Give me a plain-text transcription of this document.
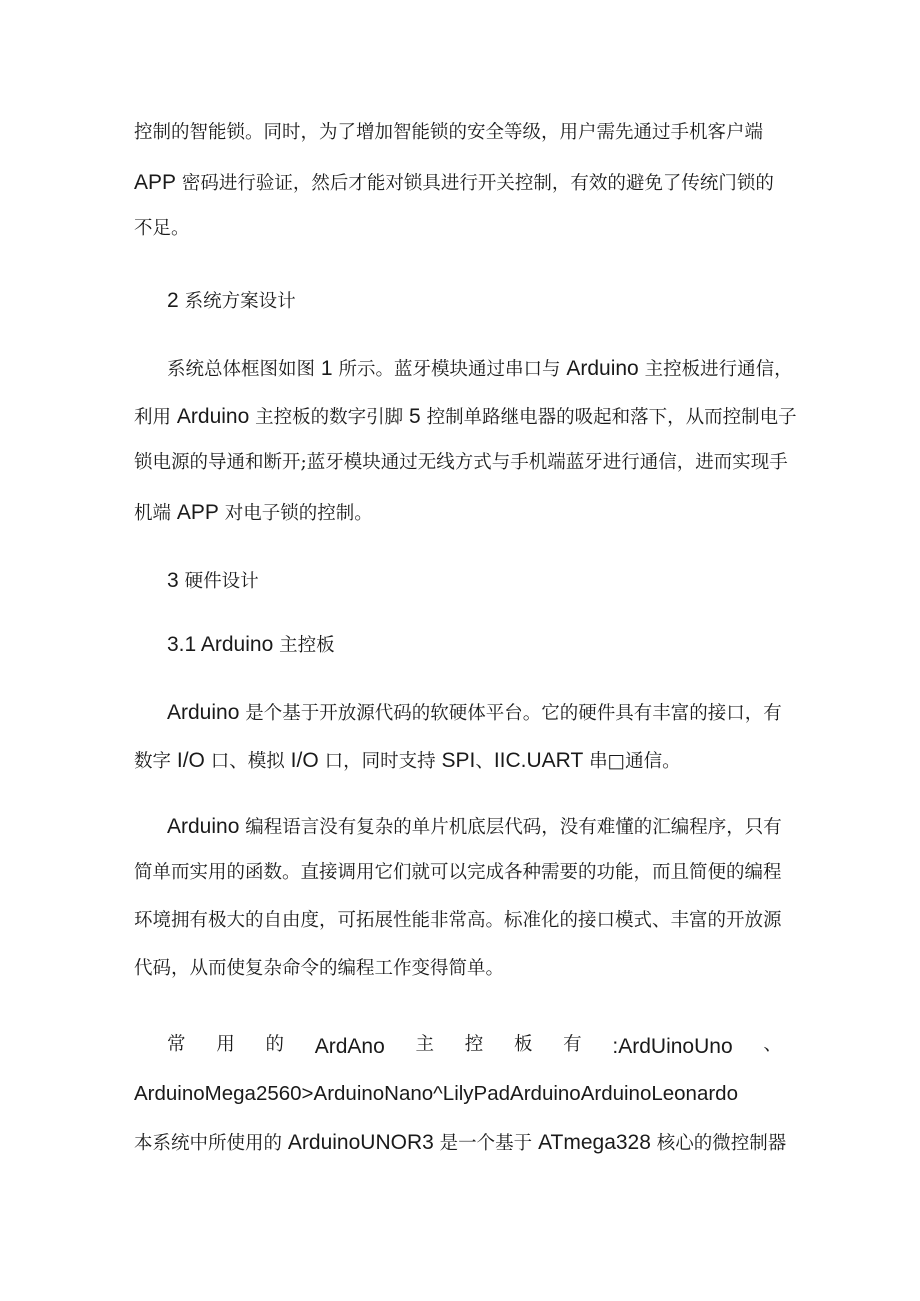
控制的智能锁。同时，为了增加智能锁的安全等级，用户需先通过手机客户端
APP 密码进行验证，然后才能对锁具进行开关控制，有效的避免了传统门锁的
不足。
2 系统方案设计
系统总体框图如图 1 所示。蓝牙模块通过串口与 Arduino 主控板进行通信，
利用 Arduino 主控板的数字引脚 5 控制单路继电器的吸起和落下，从而控制电子
锁电源的导通和断开;蓝牙模块通过无线方式与手机端蓝牙进行通信，进而实现手
机端 APP 对电子锁的控制。
3 硬件设计
3.1 Arduino 主控板
Arduino 是个基于开放源代码的软硬体平台。它的硬件具有丰富的接口，有
数字 I/O 口、模拟 I/O 口，同时支持 SPI、IIC.UART 串□通信。
Arduino 编程语言没有复杂的单片机底层代码，没有难懂的汇编程序，只有
简单而实用的函数。直接调用它们就可以完成各种需要的功能，而且简便的编程
环境拥有极大的自由度，可拓展性能非常高。标准化的接口模式、丰富的开放源
代码，从而使复杂命令的编程工作变得简单。
常 用 的 ArdAno 主 控 板 有 :ArdUinoUno 、
ArduinoMega2560>ArduinoNano^LilyPadArduinoArduinoLeonardo
本系统中所使用的 ArduinoUNOR3 是一个基于 ATmega328 核心的微控制器
